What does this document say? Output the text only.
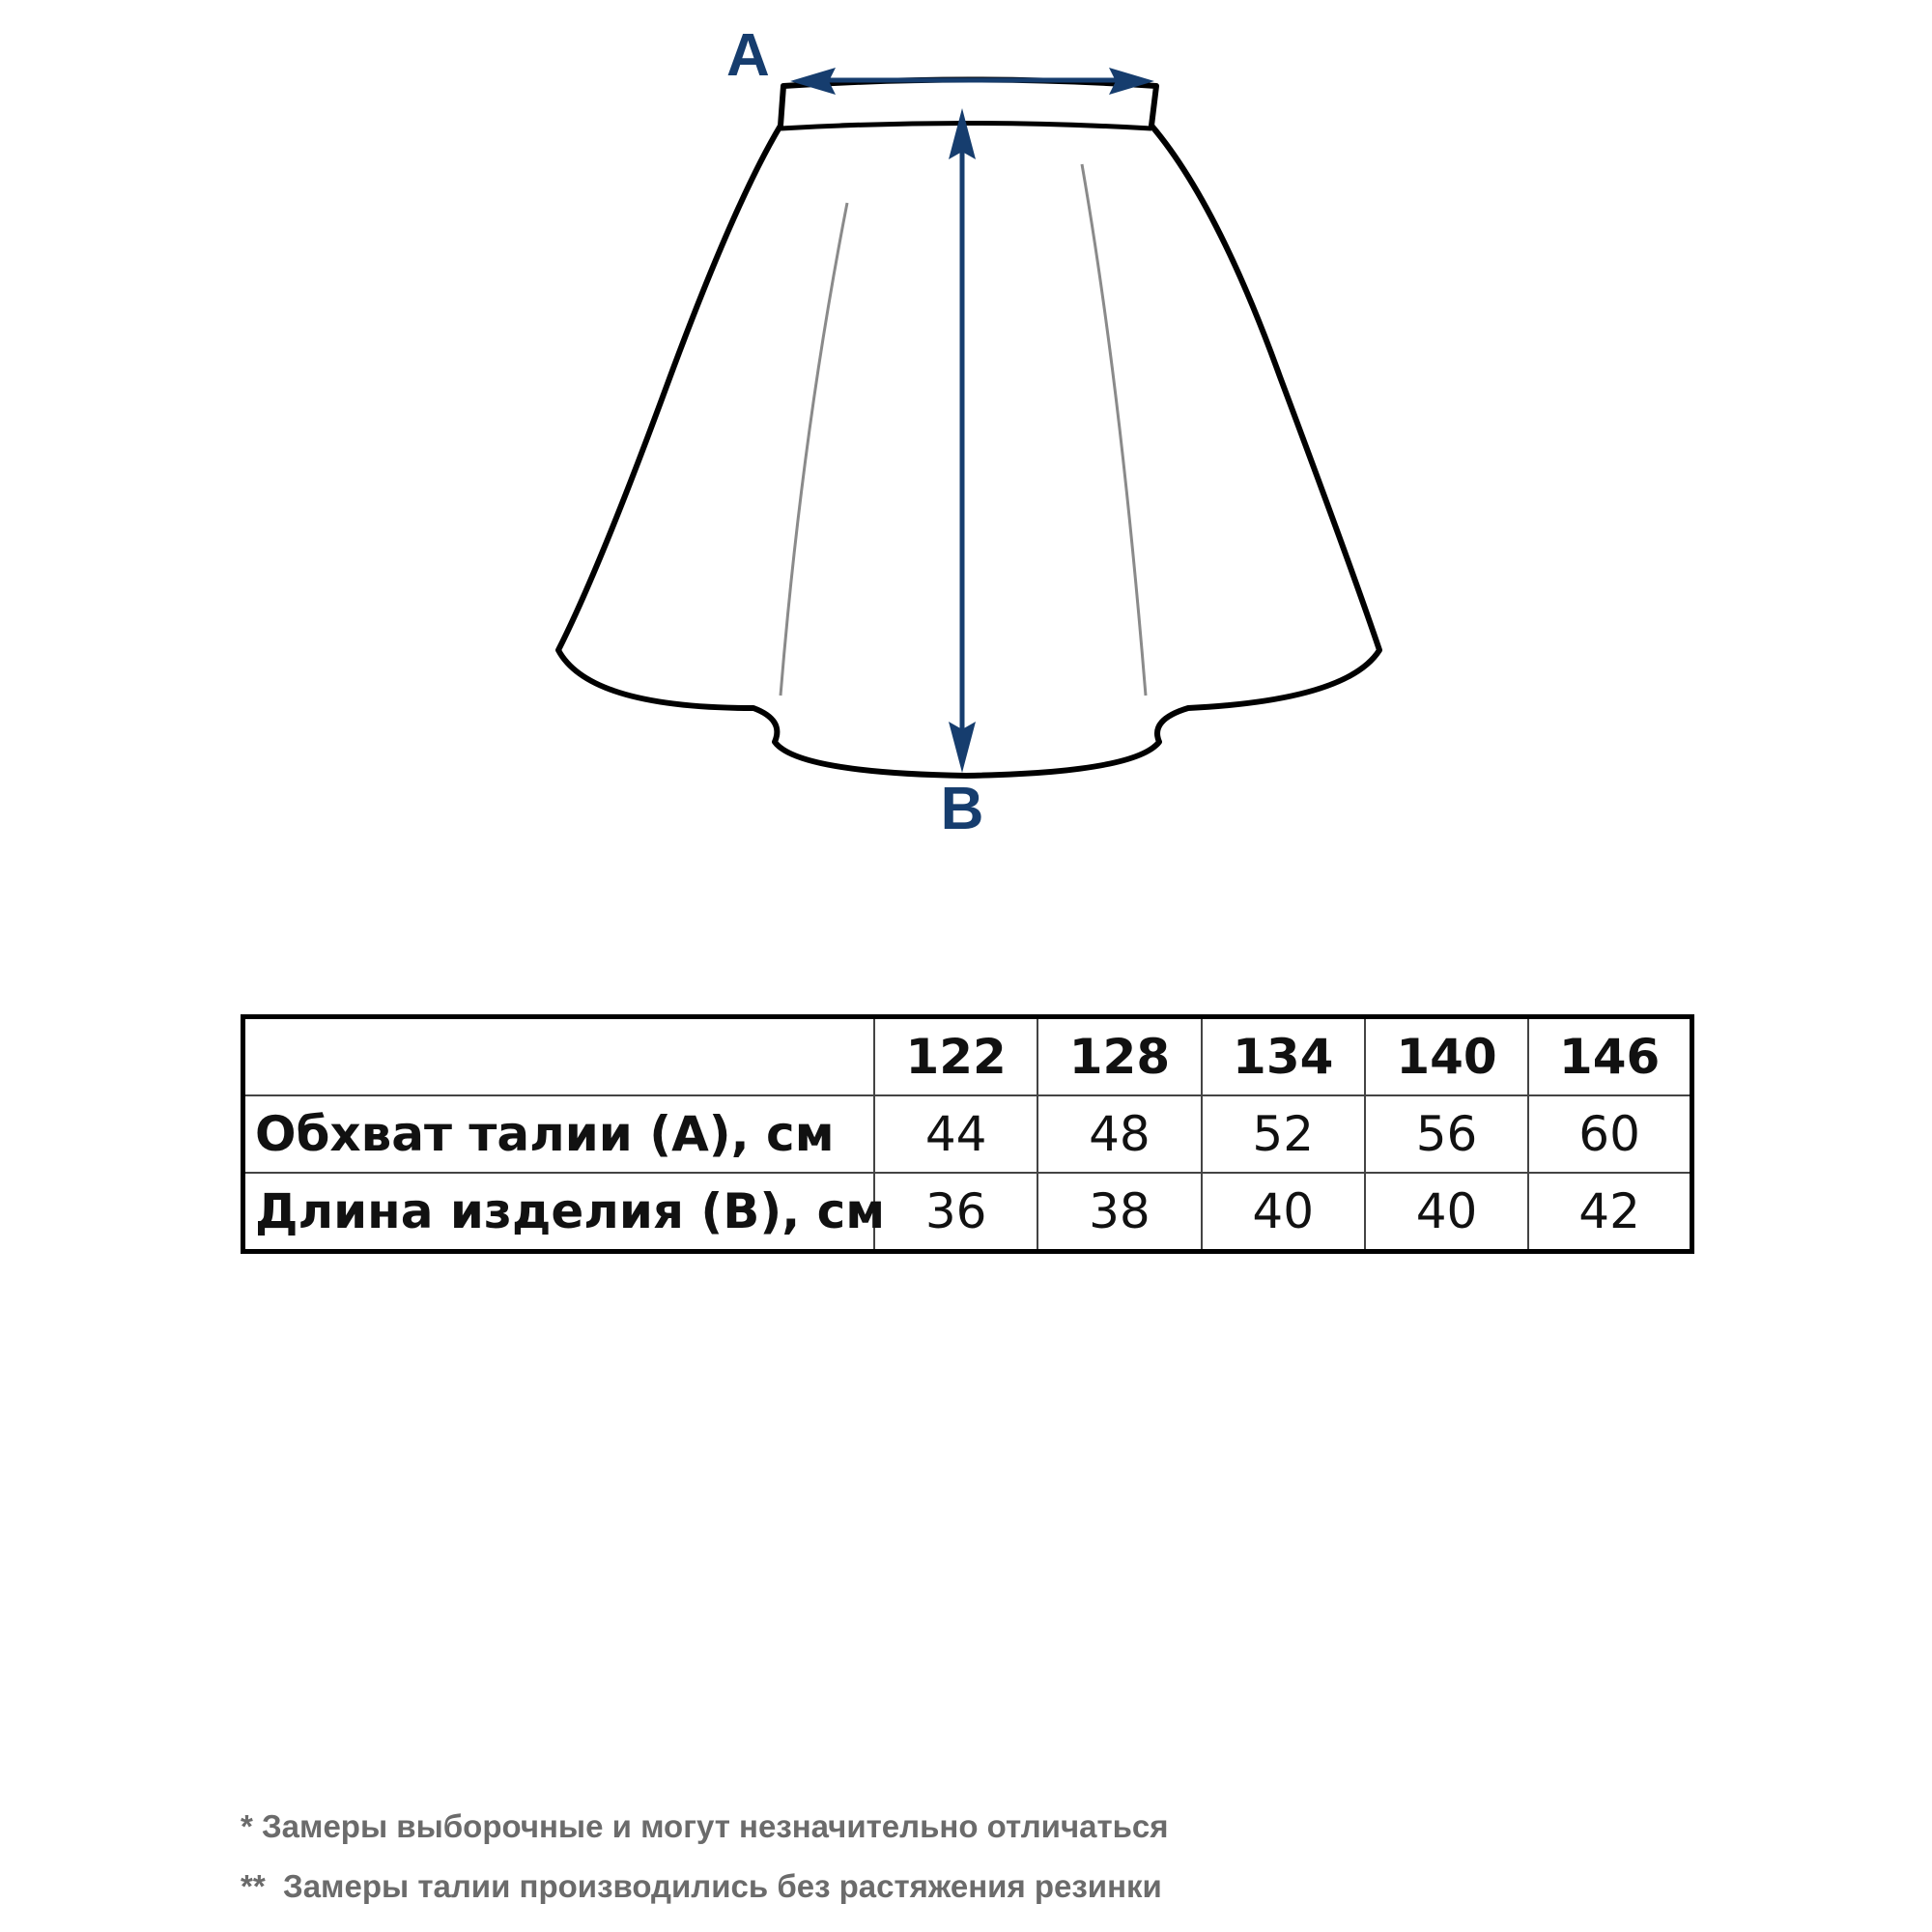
A
B
	122	128	134	140	146
Обхват талии (А), см	44	48	52	56	60
Длина изделия (В), см	36	38	40	40	42
* Замеры выборочные и могут незначительно отличаться
**  Замеры талии производились без растяжения резинки
